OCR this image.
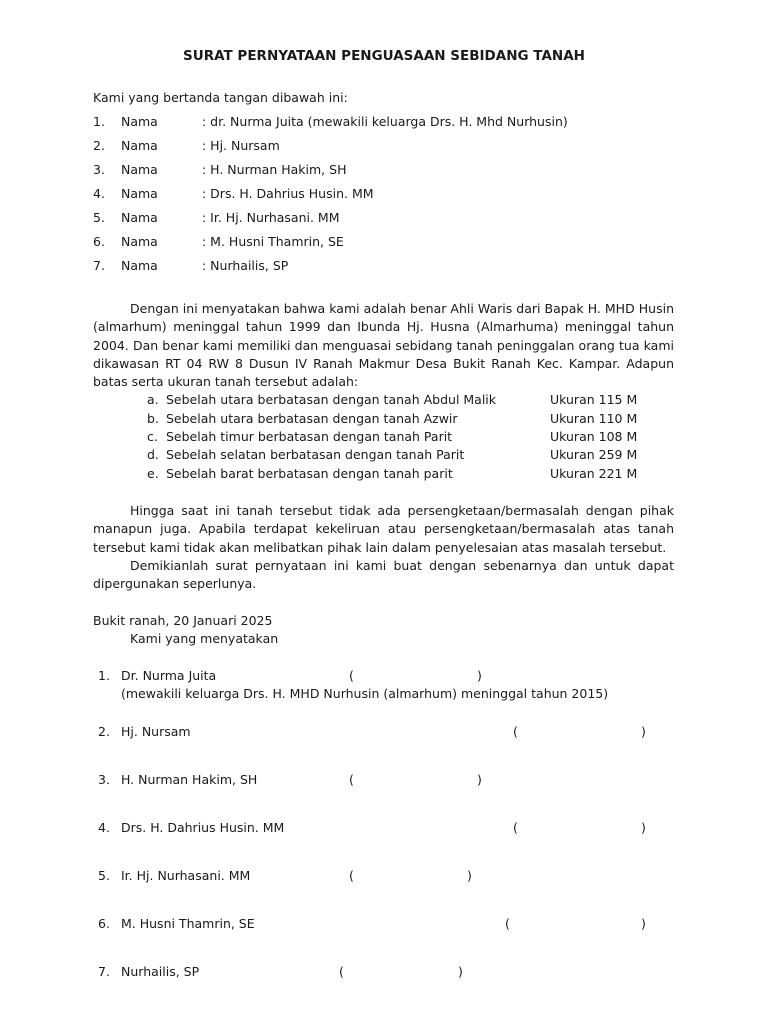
SURAT PERNYATAAN PENGUASAAN SEBIDANG TANAH
Kami yang bertanda tangan dibawah ini:
1. Nama	: dr. Nurma Juita (mewakili keluarga Drs. H. Mhd Nurhusin)
2. Nama	: Hj. Nursam
3. Nama	: H. Nurman Hakim, SH
4. Nama	: Drs. H. Dahrius Husin. MM
5. Nama	: Ir. Hj. Nurhasani. MM
6. Nama	: M. Husni Thamrin, SE
7. Nama	: Nurhailis, SP
Dengan ini menyatakan bahwa kami adalah benar Ahli Waris dari Bapak H. MHD Husin
(almarhum) meninggal tahun 1999 dan Ibunda Hj. Husna (Almarhuma) meninggal tahun
2004. Dan benar kami memiliki dan menguasai sebidang tanah peninggalan orang tua kami
dikawasan RT 04 RW 8 Dusun IV Ranah Makmur Desa Bukit Ranah Kec. Kampar. Adapun
batas serta ukuran tanah tersebut adalah:
a. Sebelah utara berbatasan dengan tanah Abdul Malik	Ukuran 115 M
b. Sebelah utara berbatasan dengan tanah Azwir	Ukuran 110 M
c. Sebelah timur berbatasan dengan tanah Parit	Ukuran 108 M
d. Sebelah selatan berbatasan dengan tanah Parit	Ukuran 259 M
e. Sebelah barat berbatasan dengan tanah parit	Ukuran 221 M
Hingga saat ini tanah tersebut tidak ada persengketaan/bermasalah dengan pihak
manapun juga. Apabila terdapat kekeliruan atau persengketaan/bermasalah atas tanah
tersebut kami tidak akan melibatkan pihak lain dalam penyelesaian atas masalah tersebut.
Demikianlah surat pernyataan ini kami buat dengan sebenarnya dan untuk dapat
dipergunakan seperlunya.
Bukit ranah, 20 Januari 2025
Kami yang menyatakan
1. Dr. Nurma Juita	(	)
(mewakili keluarga Drs. H. MHD Nurhusin (almarhum) meninggal tahun 2015)
2. Hj. Nursam	(	)
3. H. Nurman Hakim, SH	(	)
4. Drs. H. Dahrius Husin. MM	(	)
5. Ir. Hj. Nurhasani. MM	(	)
6. M. Husni Thamrin, SE	(	)
7. Nurhailis, SP	(	)
